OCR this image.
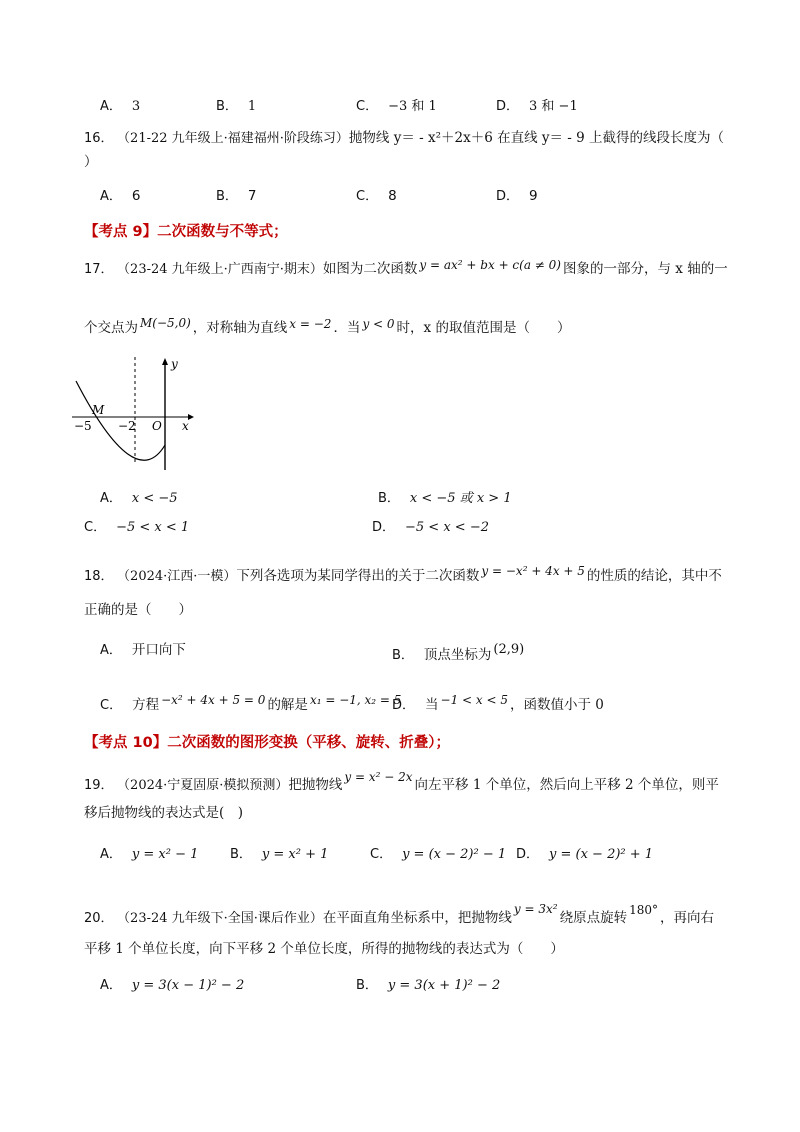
A． 3	B． 1	C． −3 和 1	D． 3 和 −1
16． （21-22 九年级上·福建福州·阶段练习）抛物线 y＝ - x²＋2x＋6 在直线 y＝ - 9 上截得的线段长度为（
）
A． 6	B． 7	C． 8	D． 9
【考点 9】二次函数与不等式；
17． （23-24 九年级上·广西南宁·期末）如图为二次函数 y = ax² + bx + c(a ≠ 0) 图象的一部分，与 x 轴的一
个交点为 M(−5,0) ，对称轴为直线 x = −2 ．当 y < 0 时，x 的取值范围是（　　）
y
x
O
M
−5 −2
A． x < −5	B． x < −5 或 x > 1
C． −5 < x < 1	D． −5 < x < −2
18． （2024·江西·一模）下列各选项为某同学得出的关于二次函数 y = −x² + 4x + 5 的性质的结论，其中不
正确的是（　　）
A． 开口向下	B． 顶点坐标为 (2,9)
C． 方程 −x² + 4x + 5 = 0 的解是 x₁ = −1, x₂ = 5
D． 当 −1 < x < 5 ，函数值小于 0
【考点 10】二次函数的图形变换（平移、旋转、折叠）；
19． （2024·宁夏固原·模拟预测）把抛物线 y = x² − 2x 向左平移 1 个单位，然后向上平移 2 个单位，则平
移后抛物线的表达式是(　)
A． y = x² − 1 B． y = x² + 1	C． y = (x − 2)² − 1 D． y = (x − 2)² + 1
20． （23-24 九年级下·全国·课后作业）在平面直角坐标系中，把抛物线y = 3x²绕原点旋转 180° ，再向右
平移 1 个单位长度，向下平移 2 个单位长度，所得的抛物线的表达式为（　　）
A． y = 3(x − 1)² − 2	B． y = 3(x + 1)² − 2
